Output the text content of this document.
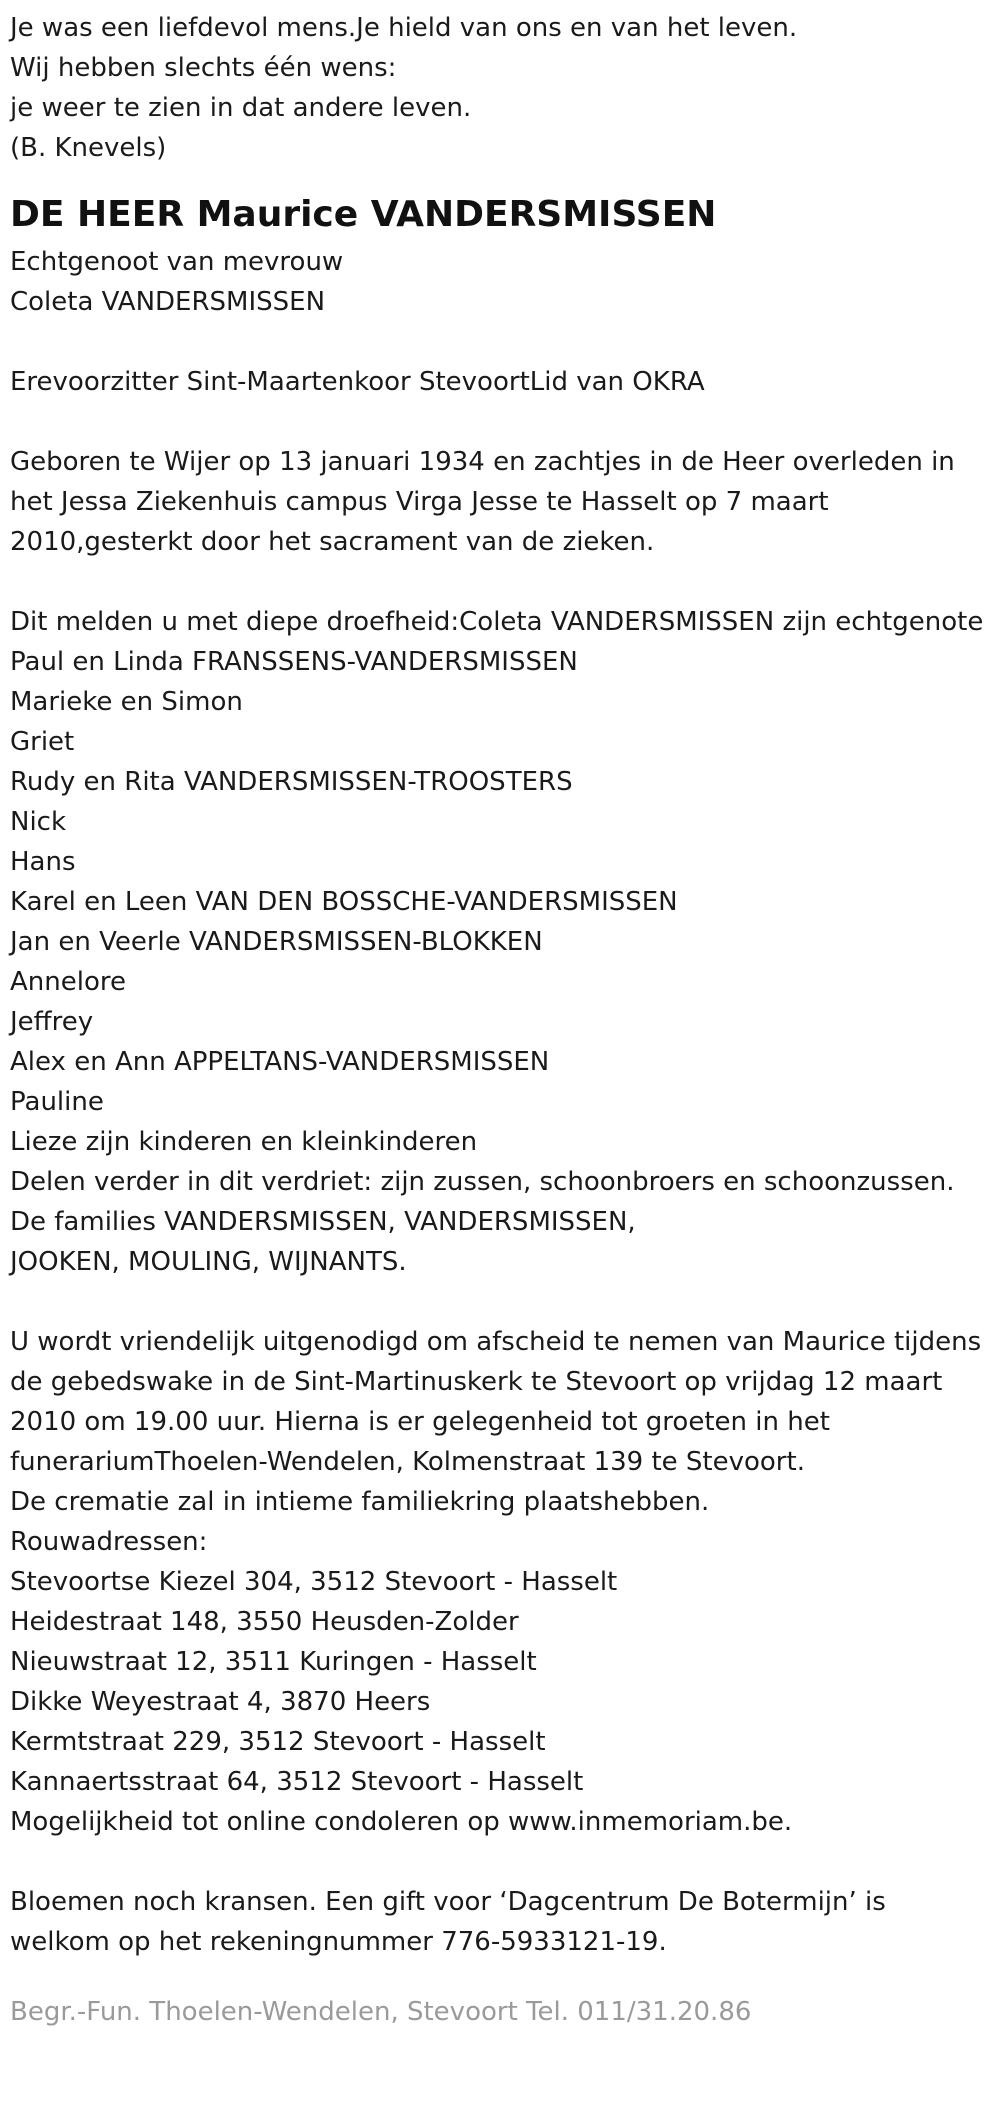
Je was een liefdevol mens.Je hield van ons en van het leven.

Wij hebben slechts één wens:

je weer te zien in dat andere leven.

(B. Knevels)

DE HEER Maurice VANDERSMISSEN

Echtgenoot van mevrouw

Coleta VANDERSMISSEN

Erevoorzitter Sint-Maartenkoor StevoortLid van OKRA

Geboren te Wijer op 13 januari 1934 en zachtjes in de Heer overleden in het Jessa Ziekenhuis campus Virga Jesse te Hasselt op 7 maart 2010,gesterkt door het sacrament van de zieken.

Dit melden u met diepe droefheid:Coleta VANDERSMISSEN zijn echtgenote

Paul en Linda FRANSSENS-VANDERSMISSEN

Marieke en Simon

Griet

Rudy en Rita VANDERSMISSEN-TROOSTERS

Nick

Hans

Karel en Leen VAN DEN BOSSCHE-VANDERSMISSEN

Jan en Veerle VANDERSMISSEN-BLOKKEN

Annelore

Jeffrey

Alex en Ann APPELTANS-VANDERSMISSEN

Pauline

Lieze zijn kinderen en kleinkinderen

Delen verder in dit verdriet: zijn zussen, schoonbroers en schoonzussen.

De families VANDERSMISSEN, VANDERSMISSEN,

JOOKEN, MOULING, WIJNANTS.

U wordt vriendelijk uitgenodigd om afscheid te nemen van Maurice tijdens de gebedswake in de Sint-Martinuskerk te Stevoort op vrijdag 12 maart 2010 om 19.00 uur. Hierna is er gelegenheid tot groeten in het funerariumThoelen-Wendelen, Kolmenstraat 139 te Stevoort.

De crematie zal in intieme familiekring plaatshebben.

Rouwadressen:

Stevoortse Kiezel 304, 3512 Stevoort - Hasselt

Heidestraat 148, 3550 Heusden-Zolder

Nieuwstraat 12, 3511 Kuringen - Hasselt

Dikke Weyestraat 4, 3870 Heers

Kermtstraat 229, 3512 Stevoort - Hasselt

Kannaertsstraat 64, 3512 Stevoort - Hasselt

Mogelijkheid tot online condoleren op www.inmemoriam.be.

Bloemen noch kransen. Een gift voor ‘Dagcentrum De Botermijn’ is welkom op het rekeningnummer 776-5933121-19.

Begr.-Fun. Thoelen-Wendelen, Stevoort Tel. 011/31.20.86
